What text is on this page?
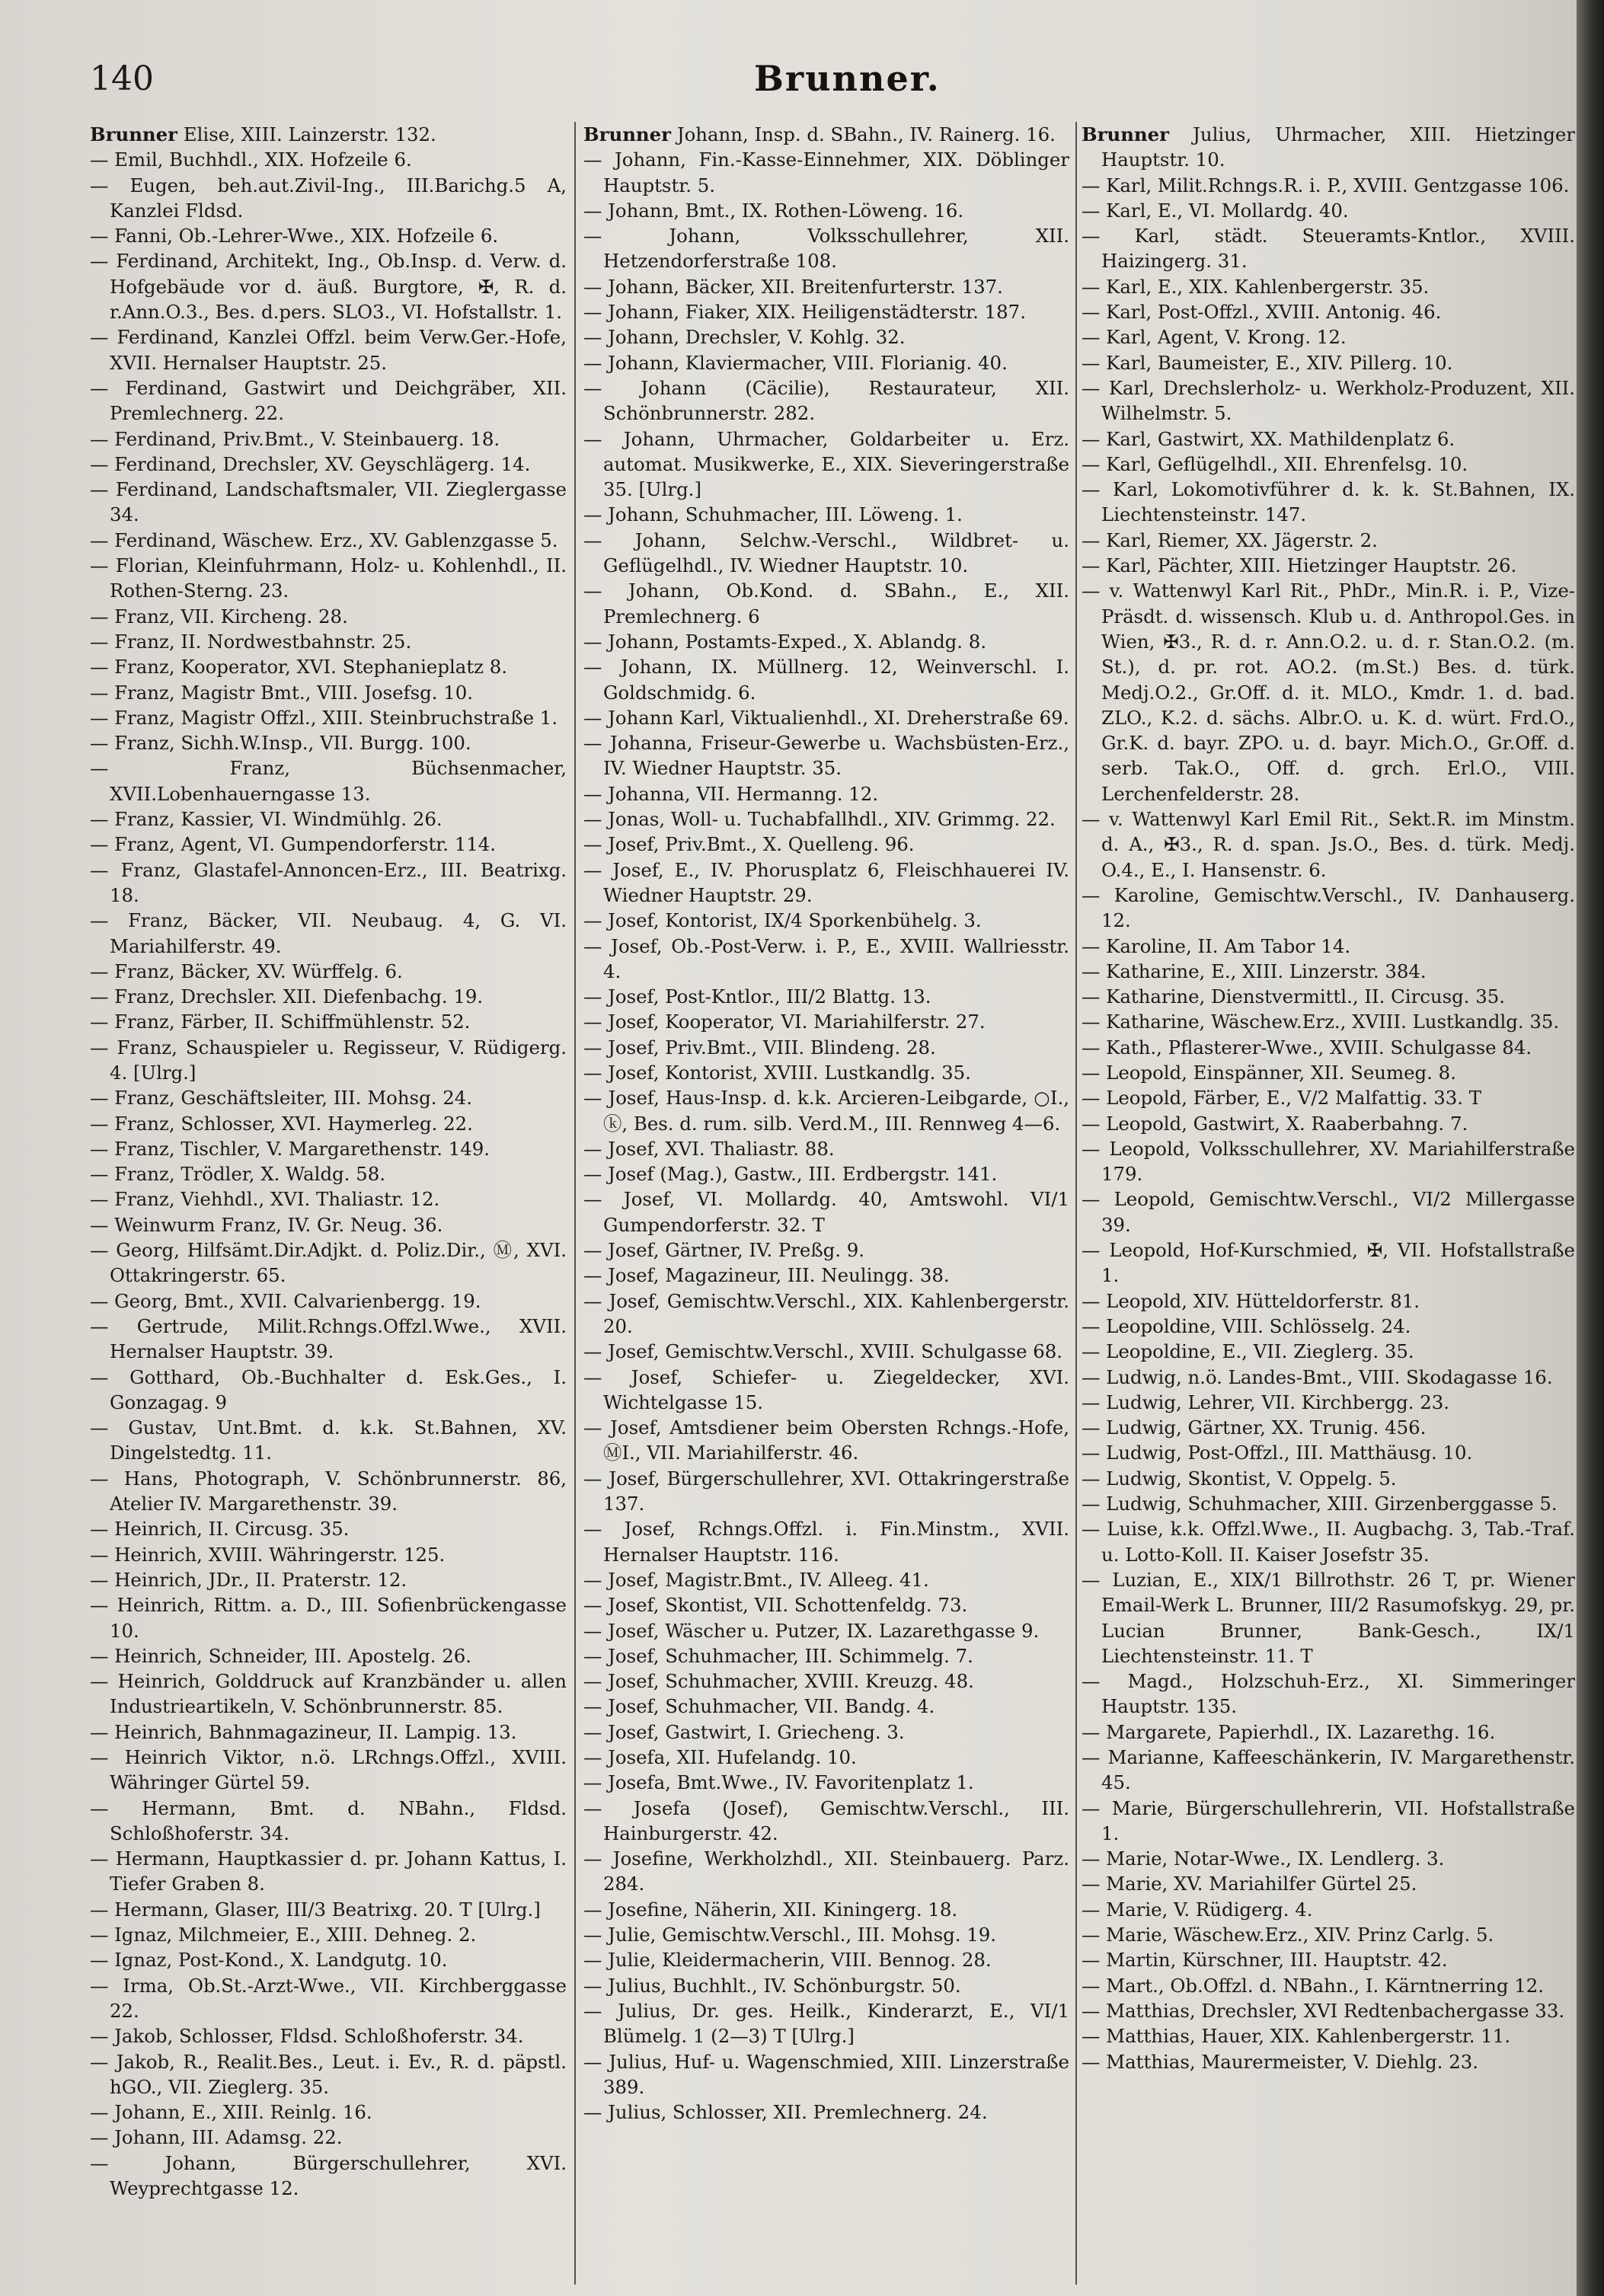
140	Brunner.

Brunner Elise, XIII. Lainzerstr. 132.

— Emil, Buchhdl., XIX. Hofzeile 6.

— Eugen, beh.aut.Zivil-Ing., III.Barichg.5 A, Kanzlei Fldsd.

— Fanni, Ob.-Lehrer-Wwe., XIX. Hofzeile 6.

— Ferdinand, Architekt, Ing., Ob.Insp. d. Verw. d. Hofgebäude vor d. äuß. Burgtore, ✠, R. d. r.Ann.O.3., Bes. d.pers. SLO3., VI. Hofstallstr. 1.

— Ferdinand, Kanzlei Offzl. beim Verw.Ger.-Hofe, XVII. Hernalser Hauptstr. 25.

— Ferdinand, Gastwirt und Deichgräber, XII. Premlechnerg. 22.

— Ferdinand, Priv.Bmt., V. Steinbauerg. 18.

— Ferdinand, Drechsler, XV. Geyschlägerg. 14.

— Ferdinand, Landschaftsmaler, VII. Zieglergasse 34.

— Ferdinand, Wäschew. Erz., XV. Gablenzgasse 5.

— Florian, Kleinfuhrmann, Holz- u. Kohlenhdl., II. Rothen-Sterng. 23.

— Franz, VII. Kircheng. 28.

— Franz, II. Nordwestbahnstr. 25.

— Franz, Kooperator, XVI. Stephanieplatz 8.

— Franz, Magistr Bmt., VIII. Josefsg. 10.

— Franz, Magistr Offzl., XIII. Steinbruchstraße 1.

— Franz, Sichh.W.Insp., VII. Burgg. 100.

— Franz, Büchsenmacher, XVII.Lobenhauerngasse 13.

— Franz, Kassier, VI. Windmühlg. 26.

— Franz, Agent, VI. Gumpendorferstr. 114.

— Franz, Glastafel-Annoncen-Erz., III. Beatrixg. 18.

— Franz, Bäcker, VII. Neubaug. 4, G. VI. Mariahilferstr. 49.

— Franz, Bäcker, XV. Würffelg. 6.

— Franz, Drechsler. XII. Diefenbachg. 19.

— Franz, Färber, II. Schiffmühlenstr. 52.

— Franz, Schauspieler u. Regisseur, V. Rüdigerg. 4. [Ulrg.]

— Franz, Geschäftsleiter, III. Mohsg. 24.

— Franz, Schlosser, XVI. Haymerleg. 22.

— Franz, Tischler, V. Margarethenstr. 149.

— Franz, Trödler, X. Waldg. 58.

— Franz, Viehhdl., XVI. Thaliastr. 12.

— Weinwurm Franz, IV. Gr. Neug. 36.

— Georg, Hilfsämt.Dir.Adjkt. d. Poliz.Dir., Ⓜ, XVI. Ottakringerstr. 65.

— Georg, Bmt., XVII. Calvarienbergg. 19.

— Gertrude, Milit.Rchngs.Offzl.Wwe., XVII. Hernalser Hauptstr. 39.

— Gotthard, Ob.-Buchhalter d. Esk.Ges., I. Gonzagag. 9

— Gustav, Unt.Bmt. d. k.k. St.Bahnen, XV. Dingelstedtg. 11.

— Hans, Photograph, V. Schönbrunnerstr. 86, Atelier IV. Margarethenstr. 39.

— Heinrich, II. Circusg. 35.

— Heinrich, XVIII. Währingerstr. 125.

— Heinrich, JDr., II. Praterstr. 12.

— Heinrich, Rittm. a. D., III. Sofienbrückengasse 10.

— Heinrich, Schneider, III. Apostelg. 26.

— Heinrich, Golddruck auf Kranzbänder u. allen Industrieartikeln, V. Schönbrunnerstr. 85.

— Heinrich, Bahnmagazineur, II. Lampig. 13.

— Heinrich Viktor, n.ö. LRchngs.Offzl., XVIII. Währinger Gürtel 59.

— Hermann, Bmt. d. NBahn., Fldsd. Schloßhoferstr. 34.

— Hermann, Hauptkassier d. pr. Johann Kattus, I. Tiefer Graben 8.

— Hermann, Glaser, III/3 Beatrixg. 20. T [Ulrg.]

— Ignaz, Milchmeier, E., XIII. Dehneg. 2.

— Ignaz, Post-Kond., X. Landgutg. 10.

— Irma, Ob.St.-Arzt-Wwe., VII. Kirchberggasse 22.

— Jakob, Schlosser, Fldsd. Schloßhoferstr. 34.

— Jakob, R., Realit.Bes., Leut. i. Ev., R. d. päpstl. hGO., VII. Zieglerg. 35.

— Johann, E., XIII. Reinlg. 16.

— Johann, III. Adamsg. 22.

— Johann, Bürgerschullehrer, XVI. Weyprechtgasse 12.

Brunner Johann, Insp. d. SBahn., IV. Rainerg. 16.

— Johann, Fin.-Kasse-Einnehmer, XIX. Döblinger Hauptstr. 5.

— Johann, Bmt., IX. Rothen-Löweng. 16.

— Johann, Volksschullehrer, XII. Hetzendorferstraße 108.

— Johann, Bäcker, XII. Breitenfurterstr. 137.

— Johann, Fiaker, XIX. Heiligenstädterstr. 187.

— Johann, Drechsler, V. Kohlg. 32.

— Johann, Klaviermacher, VIII. Florianig. 40.

— Johann (Cäcilie), Restaurateur, XII. Schönbrunnerstr. 282.

— Johann, Uhrmacher, Goldarbeiter u. Erz. automat. Musikwerke, E., XIX. Sieveringerstraße 35. [Ulrg.]

— Johann, Schuhmacher, III. Löweng. 1.

— Johann, Selchw.-Verschl., Wildbret- u. Geflügelhdl., IV. Wiedner Hauptstr. 10.

— Johann, Ob.Kond. d. SBahn., E., XII. Premlechnerg. 6

— Johann, Postamts-Exped., X. Ablandg. 8.

— Johann, IX. Müllnerg. 12, Weinverschl. I. Goldschmidg. 6.

— Johann Karl, Viktualienhdl., XI. Dreherstraße 69.

— Johanna, Friseur-Gewerbe u. Wachsbüsten-Erz., IV. Wiedner Hauptstr. 35.

— Johanna, VII. Hermanng. 12.

— Jonas, Woll- u. Tuchabfallhdl., XIV. Grimmg. 22.

— Josef, Priv.Bmt., X. Quelleng. 96.

— Josef, E., IV. Phorusplatz 6, Fleischhauerei IV. Wiedner Hauptstr. 29.

— Josef, Kontorist, IX/4 Sporkenbühelg. 3.

— Josef, Ob.-Post-Verw. i. P., E., XVIII. Wallriesstr. 4.

— Josef, Post-Kntlor., III/2 Blattg. 13.

— Josef, Kooperator, VI. Mariahilferstr. 27.

— Josef, Priv.Bmt., VIII. Blindeng. 28.

— Josef, Kontorist, XVIII. Lustkandlg. 35.

— Josef, Haus-Insp. d. k.k. Arcieren-Leibgarde, ○I., ⓚ, Bes. d. rum. silb. Verd.M., III. Rennweg 4—6.

— Josef, XVI. Thaliastr. 88.

— Josef (Mag.), Gastw., III. Erdbergstr. 141.

— Josef, VI. Mollardg. 40, Amtswohl. VI/1 Gumpendorferstr. 32. T

— Josef, Gärtner, IV. Preßg. 9.

— Josef, Magazineur, III. Neulingg. 38.

— Josef, Gemischtw.Verschl., XIX. Kahlenbergerstr. 20.

— Josef, Gemischtw.Verschl., XVIII. Schulgasse 68.

— Josef, Schiefer- u. Ziegeldecker, XVI. Wichtelgasse 15.

— Josef, Amtsdiener beim Obersten Rchngs.-Hofe, ⓂI., VII. Mariahilferstr. 46.

— Josef, Bürgerschullehrer, XVI. Ottakringerstraße 137.

— Josef, Rchngs.Offzl. i. Fin.Minstm., XVII. Hernalser Hauptstr. 116.

— Josef, Magistr.Bmt., IV. Alleeg. 41.

— Josef, Skontist, VII. Schottenfeldg. 73.

— Josef, Wäscher u. Putzer, IX. Lazarethgasse 9.

— Josef, Schuhmacher, III. Schimmelg. 7.

— Josef, Schuhmacher, XVIII. Kreuzg. 48.

— Josef, Schuhmacher, VII. Bandg. 4.

— Josef, Gastwirt, I. Griecheng. 3.

— Josefa, XII. Hufelandg. 10.

— Josefa, Bmt.Wwe., IV. Favoritenplatz 1.

— Josefa (Josef), Gemischtw.Verschl., III. Hainburgerstr. 42.

— Josefine, Werkholzhdl., XII. Steinbauerg. Parz. 284.

— Josefine, Näherin, XII. Kiningerg. 18.

— Julie, Gemischtw.Verschl., III. Mohsg. 19.

— Julie, Kleidermacherin, VIII. Bennog. 28.

— Julius, Buchhlt., IV. Schönburgstr. 50.

— Julius, Dr. ges. Heilk., Kinderarzt, E., VI/1 Blümelg. 1 (2—3) T [Ulrg.]

— Julius, Huf- u. Wagenschmied, XIII. Linzerstraße 389.

— Julius, Schlosser, XII. Premlechnerg. 24.

Brunner Julius, Uhrmacher, XIII. Hietzinger Hauptstr. 10.

— Karl, Milit.Rchngs.R. i. P., XVIII. Gentzgasse 106.

— Karl, E., VI. Mollardg. 40.

— Karl, städt. Steueramts-Kntlor., XVIII. Haizingerg. 31.

— Karl, E., XIX. Kahlenbergerstr. 35.

— Karl, Post-Offzl., XVIII. Antonig. 46.

— Karl, Agent, V. Krong. 12.

— Karl, Baumeister, E., XIV. Pillerg. 10.

— Karl, Drechslerholz- u. Werkholz-Produzent, XII. Wilhelmstr. 5.

— Karl, Gastwirt, XX. Mathildenplatz 6.

— Karl, Geflügelhdl., XII. Ehrenfelsg. 10.

— Karl, Lokomotivführer d. k. k. St.Bahnen, IX. Liechtensteinstr. 147.

— Karl, Riemer, XX. Jägerstr. 2.

— Karl, Pächter, XIII. Hietzinger Hauptstr. 26.

— v. Wattenwyl Karl Rit., PhDr., Min.R. i. P., Vize-Präsdt. d. wissensch. Klub u. d. Anthropol.Ges. in Wien, ✠3., R. d. r. Ann.O.2. u. d. r. Stan.O.2. (m. St.), d. pr. rot. AO.2. (m.St.) Bes. d. türk. Medj.O.2., Gr.Off. d. it. MLO., Kmdr. 1. d. bad. ZLO., K.2. d. sächs. Albr.O. u. K. d. würt. Frd.O., Gr.K. d. bayr. ZPO. u. d. bayr. Mich.O., Gr.Off. d. serb. Tak.O., Off. d. grch. Erl.O., VIII. Lerchenfelderstr. 28.

— v. Wattenwyl Karl Emil Rit., Sekt.R. im Minstm. d. A., ✠3., R. d. span. Js.O., Bes. d. türk. Medj. O.4., E., I. Hansenstr. 6.

— Karoline, Gemischtw.Verschl., IV. Danhauserg. 12.

— Karoline, II. Am Tabor 14.

— Katharine, E., XIII. Linzerstr. 384.

— Katharine, Dienstvermittl., II. Circusg. 35.

— Katharine, Wäschew.Erz., XVIII. Lustkandlg. 35.

— Kath., Pflasterer-Wwe., XVIII. Schulgasse 84.

— Leopold, Einspänner, XII. Seumeg. 8.

— Leopold, Färber, E., V/2 Malfattig. 33. T

— Leopold, Gastwirt, X. Raaberbahng. 7.

— Leopold, Volksschullehrer, XV. Mariahilferstraße 179.

— Leopold, Gemischtw.Verschl., VI/2 Millergasse 39.

— Leopold, Hof-Kurschmied, ✠, VII. Hofstallstraße 1.

— Leopold, XIV. Hütteldorferstr. 81.

— Leopoldine, VIII. Schlösselg. 24.

— Leopoldine, E., VII. Zieglerg. 35.

— Ludwig, n.ö. Landes-Bmt., VIII. Skodagasse 16.

— Ludwig, Lehrer, VII. Kirchbergg. 23.

— Ludwig, Gärtner, XX. Trunig. 456.

— Ludwig, Post-Offzl., III. Matthäusg. 10.

— Ludwig, Skontist, V. Oppelg. 5.

— Ludwig, Schuhmacher, XIII. Girzenberggasse 5.

— Luise, k.k. Offzl.Wwe., II. Augbachg. 3, Tab.-Traf. u. Lotto-Koll. II. Kaiser Josefstr 35.

— Luzian, E., XIX/1 Billrothstr. 26 T, pr. Wiener Email-Werk L. Brunner, III/2 Rasumofskyg. 29, pr. Lucian Brunner, Bank-Gesch., IX/1 Liechtensteinstr. 11. T

— Magd., Holzschuh-Erz., XI. Simmeringer Hauptstr. 135.

— Margarete, Papierhdl., IX. Lazarethg. 16.

— Marianne, Kaffeeschänkerin, IV. Margarethenstr. 45.

— Marie, Bürgerschullehrerin, VII. Hofstallstraße 1.

— Marie, Notar-Wwe., IX. Lendlerg. 3.

— Marie, XV. Mariahilfer Gürtel 25.

— Marie, V. Rüdigerg. 4.

— Marie, Wäschew.Erz., XIV. Prinz Carlg. 5.

— Martin, Kürschner, III. Hauptstr. 42.

— Mart., Ob.Offzl. d. NBahn., I. Kärntnerring 12.

— Matthias, Drechsler, XVI Redtenbachergasse 33.

— Matthias, Hauer, XIX. Kahlenbergerstr. 11.

— Matthias, Maurermeister, V. Diehlg. 23.
